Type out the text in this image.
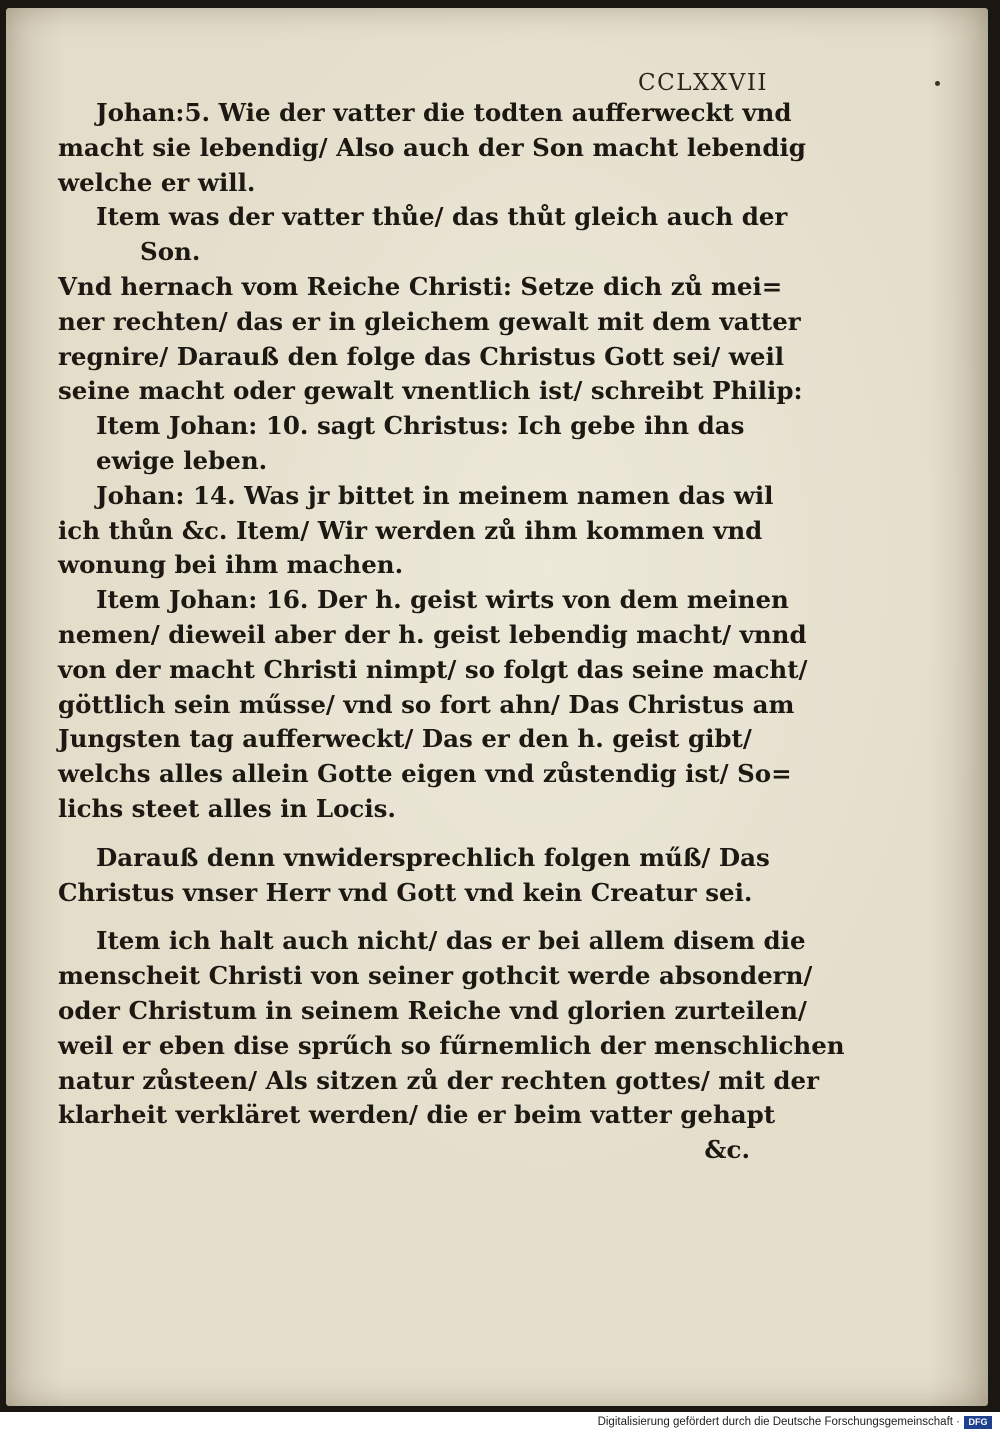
CCLXXVII
Johan:5. Wie der vatter die todten aufferweckt vnd
macht sie lebendig/ Also auch der Son macht lebendig
welche er will.
Item was der vatter thůe/ das thůt gleich auch der
Son.
Vnd hernach vom Reiche Christi: Setze dich zů mei=
ner rechten/ das er in gleichem gewalt mit dem vatter
regnire/ Darauß den folge das Christus Gott sei/ weil
seine macht oder gewalt vnentlich ist/ schreibt Philip:
Item Johan: 10. sagt Christus: Ich gebe ihn das
ewige leben.
Johan: 14. Was jr bittet in meinem namen das wil
ich thůn &c. Item/ Wir werden zů ihm kommen vnd
wonung bei ihm machen.
Item Johan: 16. Der h. geist wirts von dem meinen
nemen/ dieweil aber der h. geist lebendig macht/ vnnd
von der macht Christi nimpt/ so folgt das seine macht/
göttlich sein műsse/ vnd so fort ahn/ Das Christus am
Jungsten tag aufferweckt/ Das er den h. geist gibt/
welchs alles allein Gotte eigen vnd zůstendig ist/ So=
lichs steet alles in Locis.
Darauß denn vnwidersprechlich folgen műß/ Das
Christus vnser Herr vnd Gott vnd kein Creatur sei.
Item ich halt auch nicht/ das er bei allem disem die
menscheit Christi von seiner gothcit werde absondern/
oder Christum in seinem Reiche vnd glorien zurteilen/
weil er eben dise sprűch so fűrnemlich der menschlichen
natur zůsteen/ Als sitzen zů der rechten gottes/ mit der
klarheit verkläret werden/ die er beim vatter gehapt
&c.
Digitalisierung gefördert durch die Deutsche Forschungsgemeinschaft · DFG
